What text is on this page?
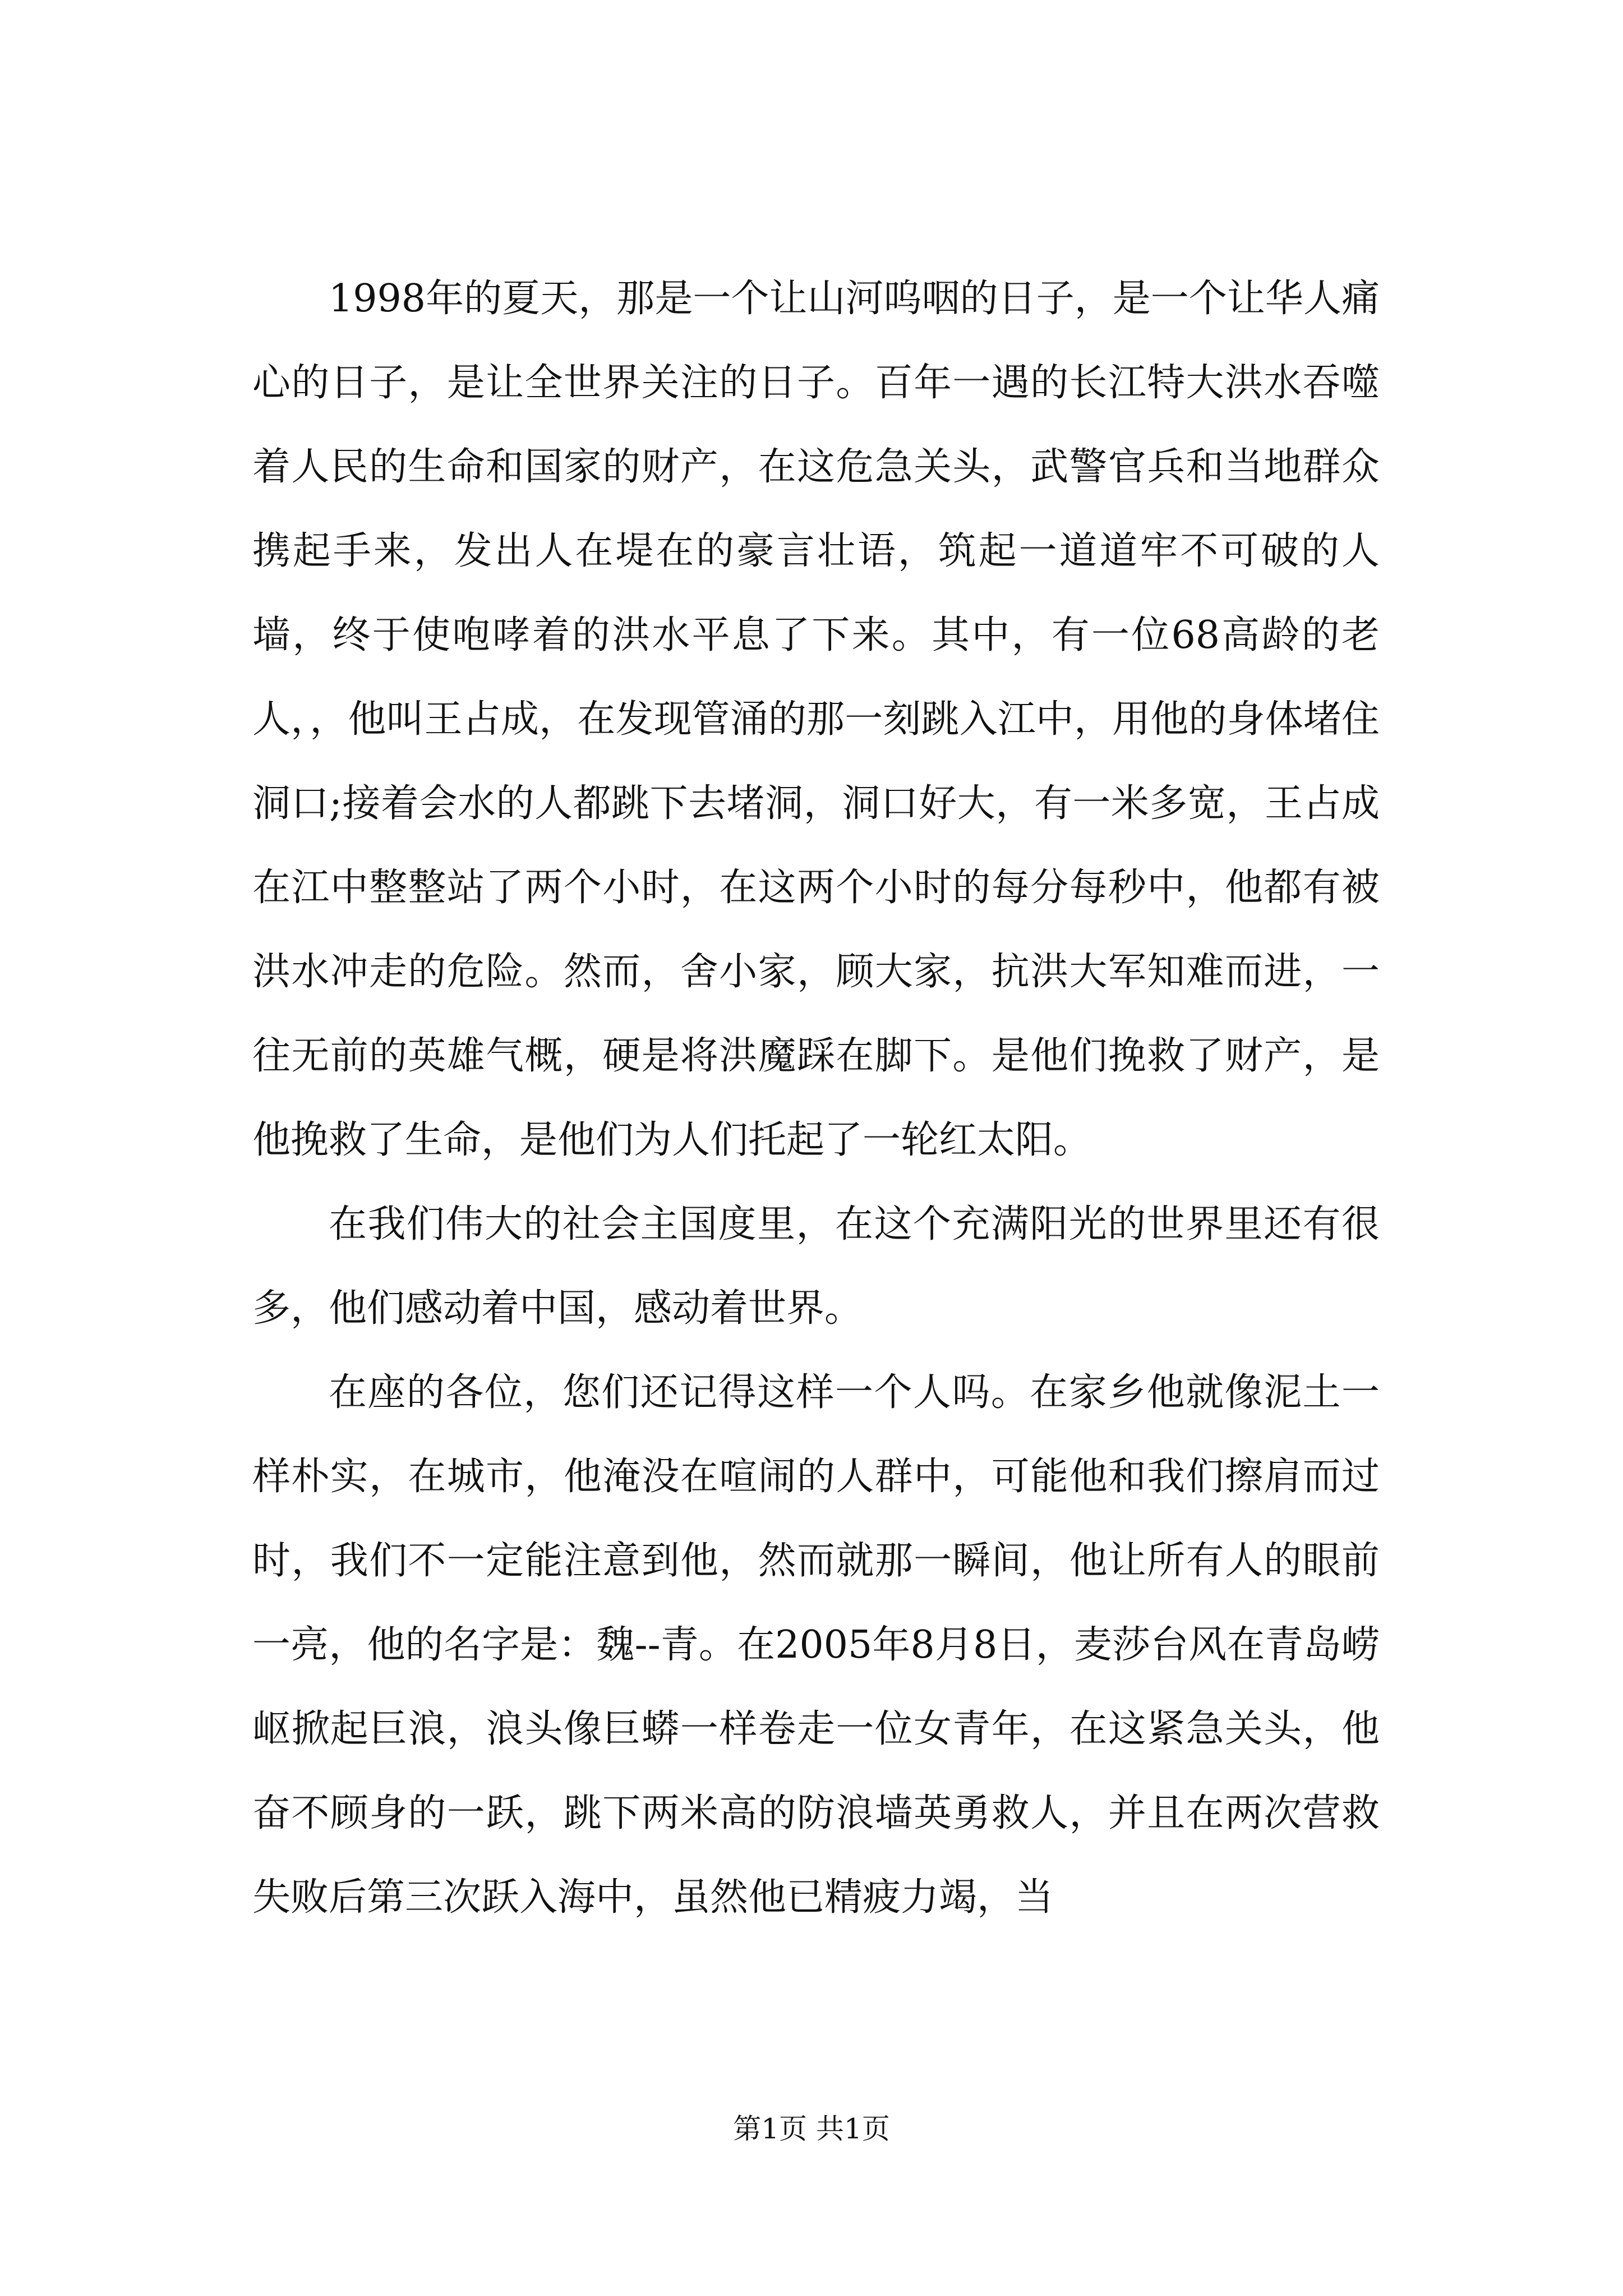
1998年的夏天，那是一个让山河呜咽的日子，是一个让华人痛心的日子，是让全世界关注的日子。百年一遇的长江特大洪水吞噬着人民的生命和国家的财产，在这危急关头，武警官兵和当地群众携起手来，发出人在堤在的豪言壮语，筑起一道道牢不可破的人墙，终于使咆哮着的洪水平息了下来。其中，有一位68高龄的老人，，他叫王占成，在发现管涌的那一刻跳入江中，用他的身体堵住洞口;接着会水的人都跳下去堵洞，洞口好大，有一米多宽，王占成在江中整整站了两个小时，在这两个小时的每分每秒中，他都有被洪水冲走的危险。然而，舍小家，顾大家，抗洪大军知难而进，一往无前的英雄气概，硬是将洪魔踩在脚下。是他们挽救了财产，是他挽救了生命，是他们为人们托起了一轮红太阳。

在我们伟大的社会主国度里，在这个充满阳光的世界里还有很多，他们感动着中国，感动着世界。

在座的各位，您们还记得这样一个人吗。在家乡他就像泥土一样朴实，在城市，他淹没在喧闹的人群中，可能他和我们擦肩而过时，我们不一定能注意到他，然而就那一瞬间，他让所有人的眼前一亮，他的名字是：魏--青。在2005年8月8日，麦莎台风在青岛崂岖掀起巨浪，浪头像巨蟒一样卷走一位女青年，在这紧急关头，他奋不顾身的一跃，跳下两米高的防浪墙英勇救人，并且在两次营救失败后第三次跃入海中，虽然他已精疲力竭，当

第1页 共1页
